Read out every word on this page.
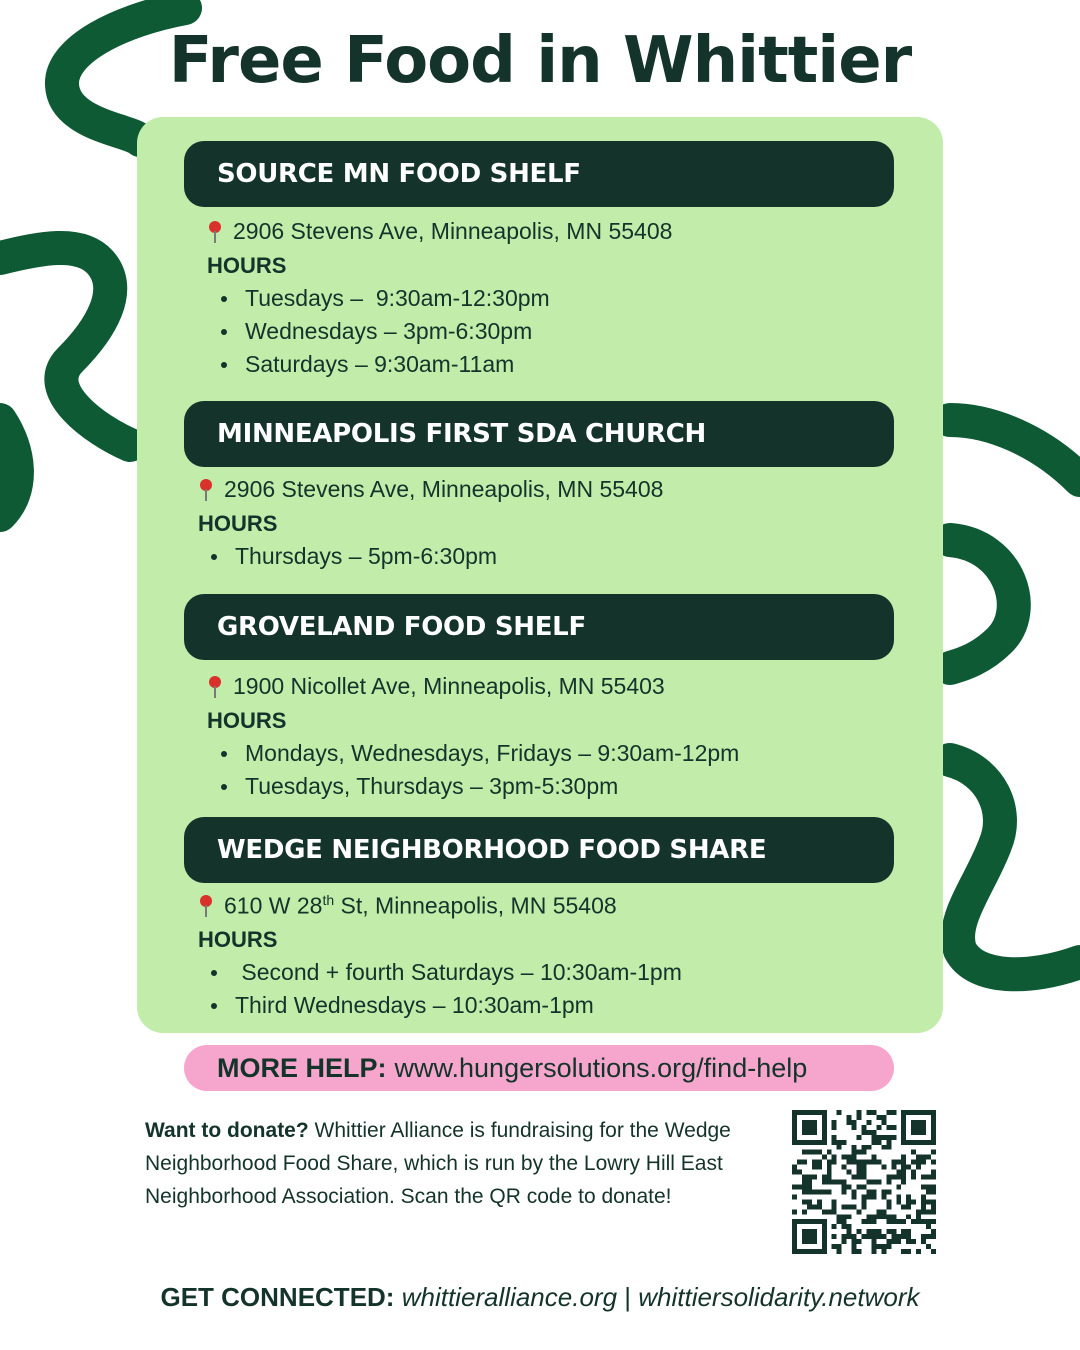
Free Food in Whittier
SOURCE MN FOOD SHELF
2906 Stevens Ave, Minneapolis, MN 55408
HOURS
Tuesdays –  9:30am-12:30pm
Wednesdays – 3pm-6:30pm
Saturdays – 9:30am-11am
MINNEAPOLIS FIRST SDA CHURCH
2906 Stevens Ave, Minneapolis, MN 55408
HOURS
Thursdays – 5pm-6:30pm
GROVELAND FOOD SHELF
1900 Nicollet Ave, Minneapolis, MN 55403
HOURS
Mondays, Wednesdays, Fridays – 9:30am-12pm
Tuesdays, Thursdays – 3pm-5:30pm
WEDGE NEIGHBORHOOD FOOD SHARE
610 W 28th St, Minneapolis, MN 55408
HOURS
Second + fourth Saturdays – 10:30am-1pm
Third Wednesdays – 10:30am-1pm
MORE HELP: www.hungersolutions.org/find-help
Want to donate? Whittier Alliance is fundraising for the Wedge Neighborhood Food Share, which is run by the Lowry Hill East Neighborhood Association. Scan the QR code to donate!
GET CONNECTED: whittieralliance.org | whittiersolidarity.network
